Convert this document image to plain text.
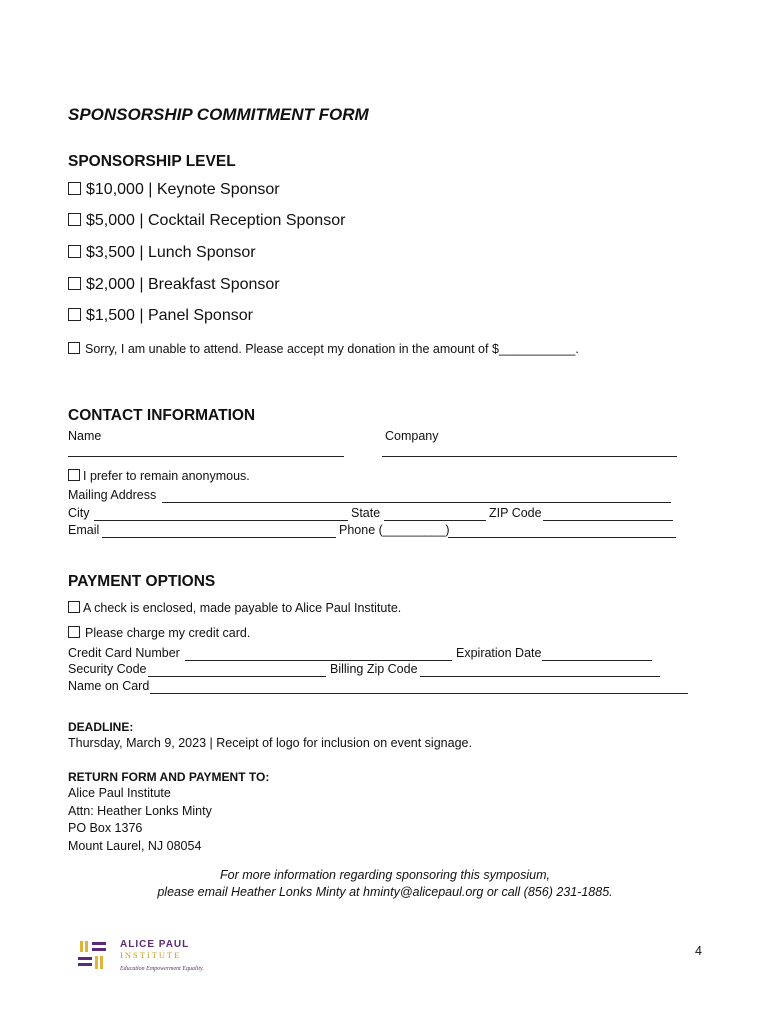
SPONSORSHIP COMMITMENT FORM
SPONSORSHIP LEVEL
$10,000 | Keynote Sponsor
$5,000 | Cocktail Reception Sponsor
$3,500 | Lunch Sponsor
$2,000 | Breakfast Sponsor
$1,500 | Panel Sponsor
Sorry, I am unable to attend. Please accept my donation in the amount of $___________.
CONTACT INFORMATION
Name	Company
I prefer to remain anonymous.
Mailing Address
City	State	ZIP Code
Email	Phone (_________)
PAYMENT OPTIONS
A check is enclosed, made payable to Alice Paul Institute.
Please charge my credit card.
Credit Card Number	Expiration Date
Security Code	Billing Zip Code
Name on Card
DEADLINE:
Thursday, March 9, 2023 | Receipt of logo for inclusion on event signage.
RETURN FORM AND PAYMENT TO:
Alice Paul Institute
Attn: Heather Lonks Minty
PO Box 1376
Mount Laurel, NJ 08054
For more information regarding sponsoring this symposium,
please email Heather Lonks Minty at hminty@alicepaul.org or call (856) 231-1885.
ALICE PAUL
INSTITUTE
Education Empowerment Equality.
4
